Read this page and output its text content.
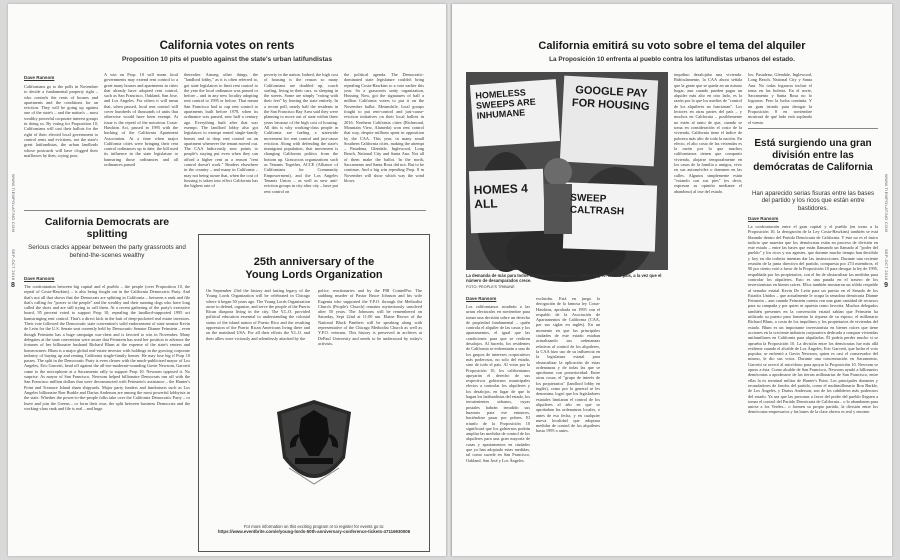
WWW.TIEMPOLATINO.COM
SEP-OCT 2018
8
California votes on rents
Proposition 10 pits el pueblo against the state's urban latifundistas
Dave Ransom
Californians go to the polls in November to decide a fundamental property right – who controls the rents of houses and apartments and the conditions for an eviction. They will be going up against one of the state's – and the nation's – most wealthy powerful corporate interest groups in doing so. By voting for Proposition 10, Californians will cast their ballots for the right of their elected local government to control rents and evictions, not the state's great latifundistas, the urban landlords whose postcards will have clogged their mailboxes by then, crying poor.
A win on Prop. 10 will mean local governments may extend rent control to a great many houses and apartments in cities that already have adopted rent control, such as San Francisco, Oakland, San Jose, and Los Angeles. For others it will mean that, when passed, local rent control will cover hundreds of thousands of units that otherwise would have been exempt. At issue is the repeal of the notorious Costa-Hawkins Act, passed in 1995 with the backing of the California Apartment Association. At a time when major California cities were bringing their rent control ordinances up to date, the bill used its influence in the state legislature to hamstring those ordinances and all ordinances passed
thereafter. Among other things, the "landlord lobby," as it is often referred to, got state legislators to limit rent control to the year the local ordinance was passed or before – and in any new locality adopting rent control to 1995 or before. That meant San Francisco had to cap rent control to apartments built before 1978, when its ordinance was passed, now half a century ago. Everything built after that was exempt. The landlord lobby also got legislators to exempt rented single-family homes and to drop rent control on an apartment whenever the tenant moved out. The CAA ludicrously now points to people's staying put even when they can afford a higher rent as a reason "rent control doesn't work." Readers elsewhere in the country – and many in California – may not being aware that, when the cost of housing is taken into effect California has the highest rate of
poverty in the nation. Indeed, the high cost of housing is the reason so many Californians are doubled up, couch surfing, living in their cars, or sleeping in the streets. Some are simply "voting with their feet" by leaving the state entirely. In a recent poll, nearly half the residents in the San Francisco Bay Area said they were planning to move out of state within three years because of the high cost of housing. All this is why working-class people in California are fueling a statewide movement for rent control and just-cause eviction. Along with defending the state's immigrant population, that movement is changing California politics from the bottom up. Grassroots organizations such as Tenants Together, ACCE (Alliance of Californians for Community Empowerment), and the Los Angeles Tenants Union – as well as new anti-eviction groups in city after city – have put rent control on
the political agenda. The Democratic-dominated state legislature couldn't bring repealing Costa-Hawkins to a vote earlier this year. So a grassroots unity organization, Housing Now, got the signatures of half a million California voters to put it on the November ballot. Meanwhile, local groups fought to put rent-control and just-cause-eviction initiatives on their local ballots in 2016. Northern California cities (Richmond, Mountain View, Alameda) won rent control that way, despite millions spent in opposition by the CAA. This year, in many small Southern California cities, making the attempt – Pasadena, Glendale, Inglewood, Long Beach, National City and Santa Ana. Not all of them make the ballot. In the north, Sacramento and Santa Rosa did not. But to be continue, And a big win repealing Prop. 8 in November will show which way the wind blows.
California Democrats are splitting
Serious cracks appear between the party grassroots and behind-the-scenes wealthy
Dave Ransom
The confrontation between big capital and el pueblo – the people (over Proposition 10, the repeal of Costa-Hawkins) – is also being fought out in the California Democratic Party. And that's not all that shows that the Democrats are splitting in California – between a rank and file that's calling for "power to the people" and the wealthy and their running dogs who have long called the shots and are still trying to call them. At a recent gathering of the party's executive board, 95 percent voted to support Prop 10, repealing the landlord-supported 1995 act hamstringing rent control. That's a direct kick in the butt of deep-pocketed real estate investors. Their vote followed the Democratic state convention's solid endorsement of state senator Kevin de León for the U.S. Senate seat currently held by Democratic Senator Dianne Feinstein – even though Feinstein has a huge campaign war-chest and is favored to win in November. Many delegates at the state convention were aware that Feinstein has used her position to advance the fortunes of her billionaire husband Richard Blum at the expense of the state's renters and homeowners. Blum is a major global real-estate investor with holdings in the growing corporate industry of buying up and renting California single-family homes. He may lose big if Prop 10 passes. The split in the Democratic Party is even clearer with the much-publicized mayor of Los Angeles, Eric Garcetti, head off against the all-too-moderate-sounding Gavin Newsom, Garcetti came to the microphone at a Sacramento rally to support Prop 10. Newsom opposed it. No surprise. As mayor of San Francisco, Newsom helped billionaire Democrats run off with the San Francisco million dollars that were deconstructed with Feinstein's assistance – the Hunter's Point and Treasure Island sham shipyards. Major party funders and fundraisers such as Los Angeles billionaire Ron Burkle and Darius Anderson are among the most powerful lobbyists in the state. Whether the power-to-the-people folks take over the California Democratic Party – or leave and join the Greens... or form their own, the split between business Democrats and the working-class rank and file is real – and huge.
25th anniversary of the
Young Lords Organization
On September 23rd the history and lasting legacy of the Young Lords Organization will be celebrated in Chicago where it began 50 years ago. The Young Lords Organization arose to defend, organize, and serve the people of the Puerto Rican diaspora living in the city. The Y.L.O. provided political education essential to understanding the colonial status of the island nation of Puerto Rico and the resulting oppression of the Puerto Rican Americans living there and on the mainland USA. For all their efforts the Y.L.O. and their allies were viciously and relentlessly attacked by the
police, reactionaries and by the FBI CointelPro. The stabbing murder of Pastor Bruce Johnson and his wife Eugenia who supported the Y.P.O. through the Methodist Church (People's Church) remains mysteriously unsolved after 50 years. The Johnsons will be remembered on Saturday, Sept 22nd at 11:00 am. Elaine Brown of the National Black Panthers will be speaking along with representative of the Chicago Methodist Church as well as Y.P.O. veterans. This history is preserved in archives at DePaul University and needs to be understood by today's activists.
For more information on this exciting program or to register for events go to:
https://www.eventbrite.com/e/young-lords-50th-anniversary-conference-tickets-47116930006
WWW.TIEMPOLATINO.COM
SEP-OCT 2018
9
California emitirá su voto sobre el tema del alquiler
La Proposición 10 enfrenta al pueblo contra los latifundistas urbanos del estado.
HOMELESS SWEEPS ARE INHUMANE
GOOGLE PAY FOR HOUSING
HOMES 4 ALL	SWEEP CALTRASH
La demanda de más para todos está tomando fuerza en California y en todo el país, a la vez que el número de desamparados crece.
FOTO: PEOPLE'S TRIBUNE
Dave Ransom
Los californianos acudirán a las urnas electorales en noviembre para tomar una decisión sobre un derecho de propiedad fundamental – quién controla el alquiler de las casas y los apartamentos, el igual que las condiciones para que se realicen desalojos. Al hacerlo, los residentes de California se enfrentarán a uno de los grupos de intereses corporativos más poderosos, no solo del estado, sino de todo el país. Al votar por la Proposición 10, los californianos apoyarán el derecho de sus respectivos gobiernos municipales electos a controlar los alquileres y los desalojos, en lugar de que lo hagan los latifundistas del estado, los terratenientes urbanos, cuyas postales habrán invadido sus buzones para ese entonces, haciéndose pasar por pobres. El triunfo de la Proposición 10 significará que los gobiernos podrán ampliar las medidas de control de los alquileres para una gran mayoría de casas y apartamentos en ciudades que ya han adoptado estas medidas, tal como sucede en San Francisco, Oakland, San José y Los Ángeles.
excluidas. Está en juego la derogación de la famosa ley Costa-Hawkins, aprobada en 1995 con el respaldo de la Asociación de Apartamentos de California (CAA, por sus siglas en inglés). En un momento en que las principales ciudades de este estado estaban actualizando sus ordenanzas relativas al control de los alquileres, la CAA hizo uso de su influencia en la legislatura estatal para obstaculizar la aplicación de estas ordenanzas y de todas las que se aprobaron con posterioridad. Entre otras cosas, el "grupo de interés de los propietarios" (landlord lobby en inglés), como por lo general se les denomina, logró que los legisladores estatales limitaran el control de los alquileres al año en que se aprobaban las ordenanzas locales, o antes de esa fecha, y en cualquier nueva localidad que adoptara medidas de control de los alquileres hasta 1995 o antes.
inquilino desalojaba una vivienda. Ridículamente, la CAA ahora señala que la gente que se queda en un mismo hogar, aun cuando pueden pagar un alquiler más alto en otro lado, es la razón por la que los medios de "control de los alquileres no funcionan". Los lectores en otras partes del país – y muchos en California – posiblemente no estén al tanto de que, cuando se toma en consideración el costo de la vivienda, California tiene el índice de pobreza más alto de toda la nación. En efecto, el alto costo de las viviendas es la razón por la que muchos californianos tienen que compartir vivienda, alojarse temporalmente en los casas de la familia o amigos, vivir en sus automóviles o duermen en las calles. Algunos simplemente están "votando con sus pies" (es decir, expresan su opinión mediante el abandono) al irse del estado.
los: Pasadena, Glendale, Inglewood, Long Beach, National City y Santa Ana. No todas lograron incluir el tema en las boletas. En el norte, Sacramento y Santa Rosa no lo lograron. Pero la lucha continúa. Y un gran triunfo para derogar la Proposición 8 en noviembre mostrará de qué lado está soplando el viento.
Está surgiendo una gran división entre las demócratas de California
Han aparecido serias fisuras entre las bases del partido y los ricos que están entre bastidores.
Dave Ransom
La confrontación entre el gran capital y el pueblo (en torno a la Proposición 10, la derogación de la Ley Costa-Hawkins) también se está librando dentro del Partido Demócrata de California. Y éste no es el único indicio que muestra que los demócratas están en proceso de división en este estado – entre las bases que están llamando un llamado al "poder del pueblo" y los ricos y sus agentes, que durante mucho tiempo han decidido y hoy en día todavía intentan dar las instrucciones. Durante una reciente reunión de la junta directiva del partido, compuesta por 274 miembros, el 90 por ciento votó a favor de la Proposición 10 para derogar la ley de 1995, respaldada por los propietarios, con el fin de obstaculizar las medidas para controlar los alquileres. Esto es una patada en el trasero de los inversionistas en bienes raíces. Ellos también mostraron un sólido respaldo al senador estatal Kevin De León para un puesto en el Senado de los Estados Unidos – que actualmente le ocupa la senadora demócrata Dianne Feinstein – aun cuando Feinstein cuenta con una gran cantidad de recursos para su campaña y por quien se apuesta como favorita. Muchos delegados también presentes en la convención estatal sabían que Feinstein ha utilizado su puesto para fomentar la riqueza de su esposo, el millonario Richard Blum, a costa de los inquilinos y los propietarios de viviendas del estado. Blum es un importante inversionista en bienes raíces que tiene acciones en la creciente industria corporativa dedicada a comprar viviendas unifamiliares en California para alquilarlas. Él podría perder mucho si se aprueba la Proposición 10. La división entre los demócratas fue más allá evidente cuando el alcalde de Los Ángeles, Eric Garcetti, que lucha el voto popular, se enfrentó a Gavin Newsom, quien es casi el conservador del mismo, le dio sus votos. Durante una concentración en Sacramento, Garcetti se acercó al micrófono para apoyar la Proposición 10. Newsom se opuso a ésta. Como alcalde de San Francisco, Newsom ayudó a billonarios demócratas a apoderarse de las tierras millonarias de San Francisco, entre ellas la ex terminal militar de Hunter's Point. Los principales donantes y recaudadores de fondos del partido, como el multimillonario Ron Burkle, de Los Ángeles, y Darius Anderson, son de los cabilderos más poderosos del estado. Ya sea que las personas a favor del poder del pueblo lleguen a tomar el control del Partido Demócrata de California... o lo abandonen para unirse a los Verdes... o formen su propio partido, la división entre los demócratas empresarios y las bases de la clase obrera es real y enorme.
